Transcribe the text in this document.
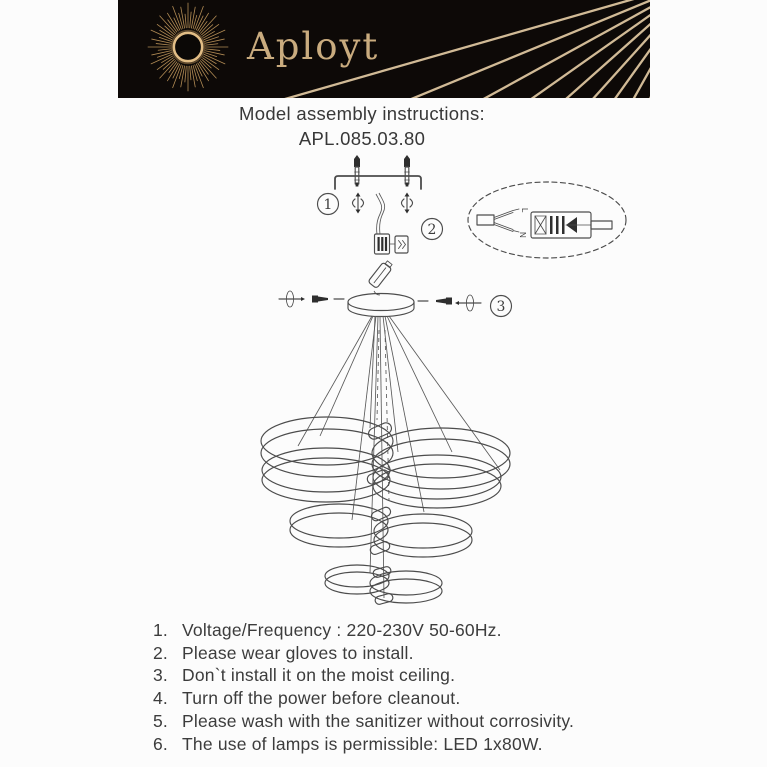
Aployt
Model assembly instructions:
APL.085.03.80
1
2
3
L
N
1. Voltage/Frequency : 220-230V 50-60Hz.
2. Please wear gloves to install.
3. Don`t install it on the moist ceiling.
4. Turn off the power before cleanout.
5. Please wash with the sanitizer without corrosivity.
6. The use of lamps is permissible: LED 1x80W.
